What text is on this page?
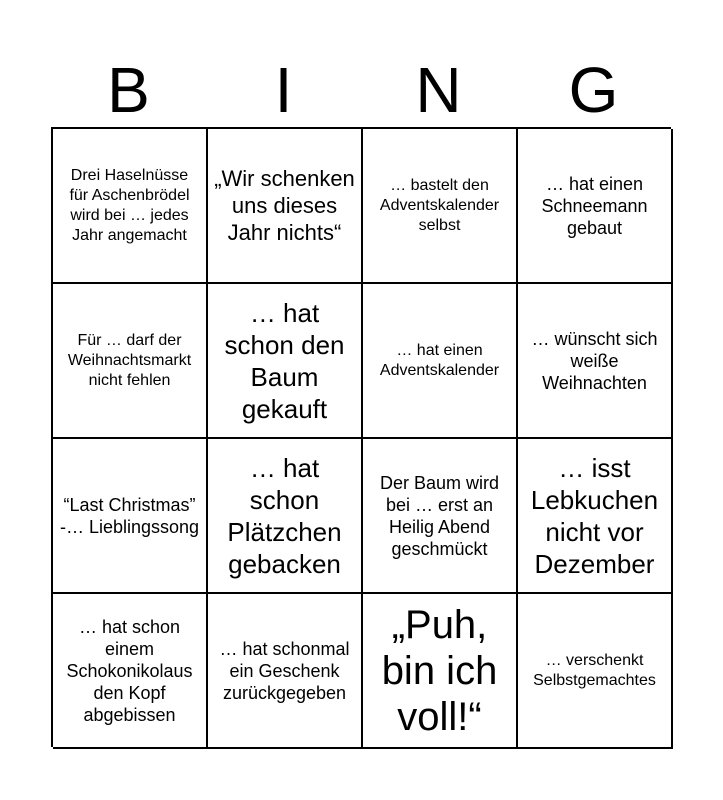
B	I	N	G
Drei Haselnüsse für Aschenbrödel wird bei … jedes Jahr angemacht
„Wir schenken uns dieses Jahr nichts“
… bastelt den Adventskalender selbst
… hat einen Schneemann gebaut
Für … darf der Weihnachtsmarkt nicht fehlen
… hat schon den Baum gekauft
… hat einen Adventskalender
… wünscht sich weiße Weihnachten
“Last Christmas” -… Lieblingssong
… hat schon Plätzchen gebacken
Der Baum wird bei … erst an Heilig Abend geschmückt
… isst Lebkuchen nicht vor Dezember
… hat schon einem Schokonikolaus den Kopf abgebissen
… hat schonmal ein Geschenk zurückgegeben
„Puh, bin ich voll!“
… verschenkt Selbstgemachtes
